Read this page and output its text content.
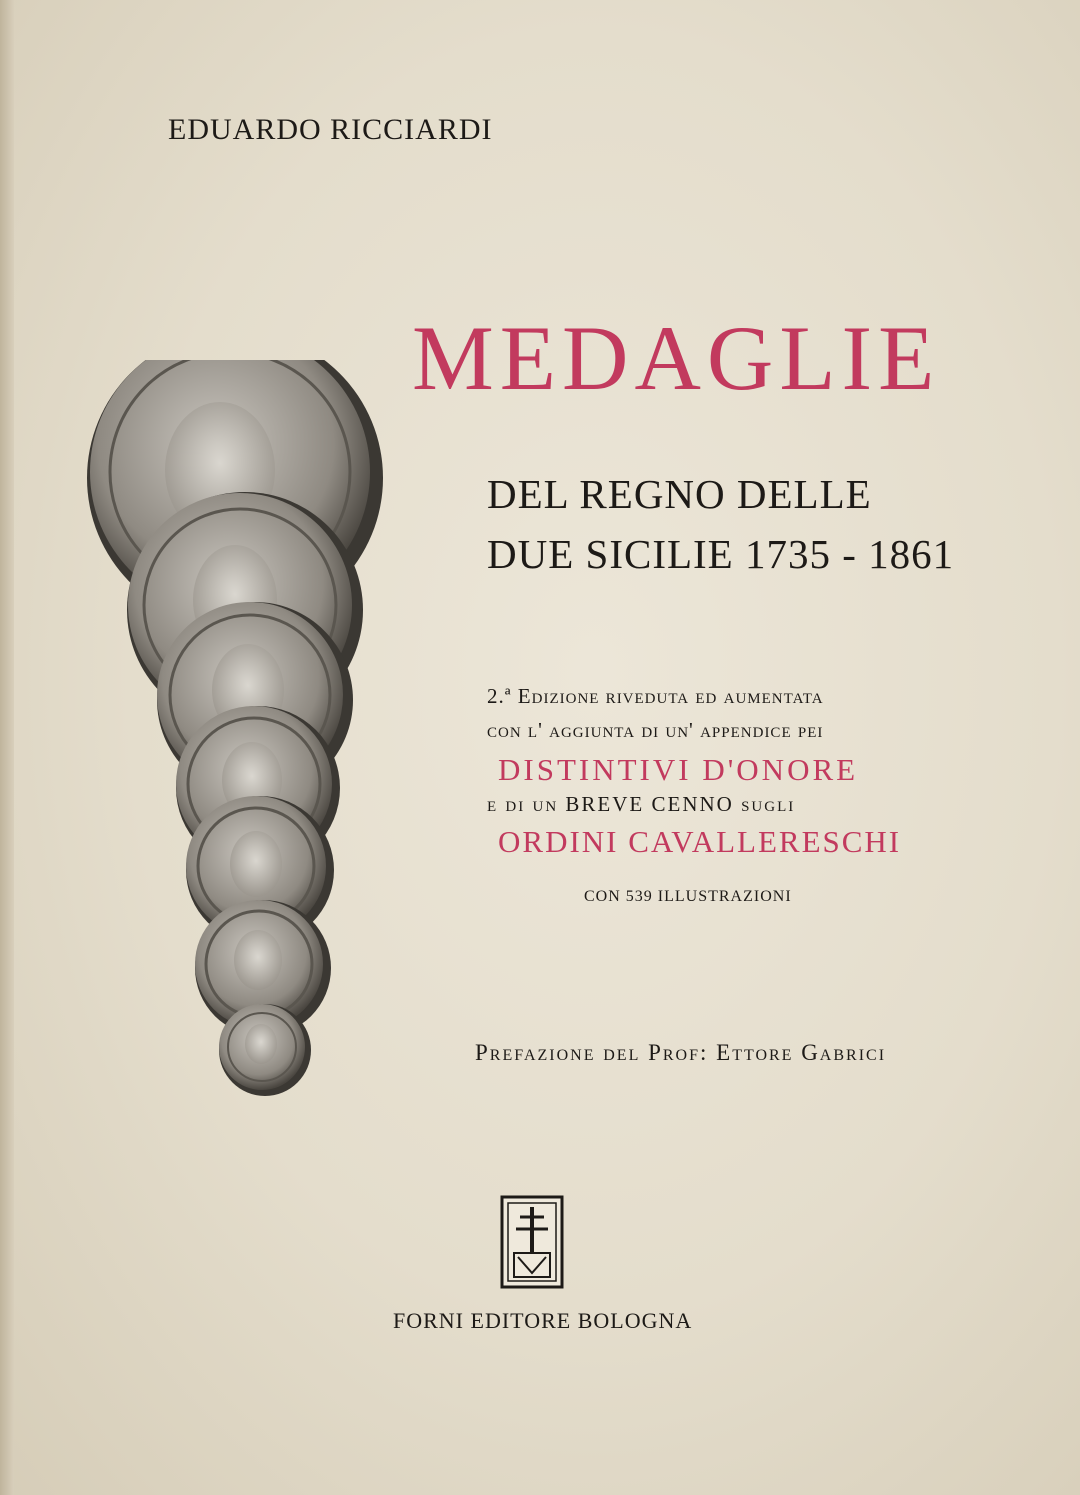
EDUARDO RICCIARDI
MEDAGLIE
DEL REGNO DELLE
DUE SICILIE 1735 - 1861
2.ª Edizione riveduta ed aumentata
con l' aggiunta di un' appendice pei
DISTINTIVI D'ONORE
e di un BREVE CENNO sugli
ORDINI CAVALLERESCHI
CON 539 ILLUSTRAZIONI
Prefazione del Prof: Ettore Gabrici
FORNI EDITORE BOLOGNA
